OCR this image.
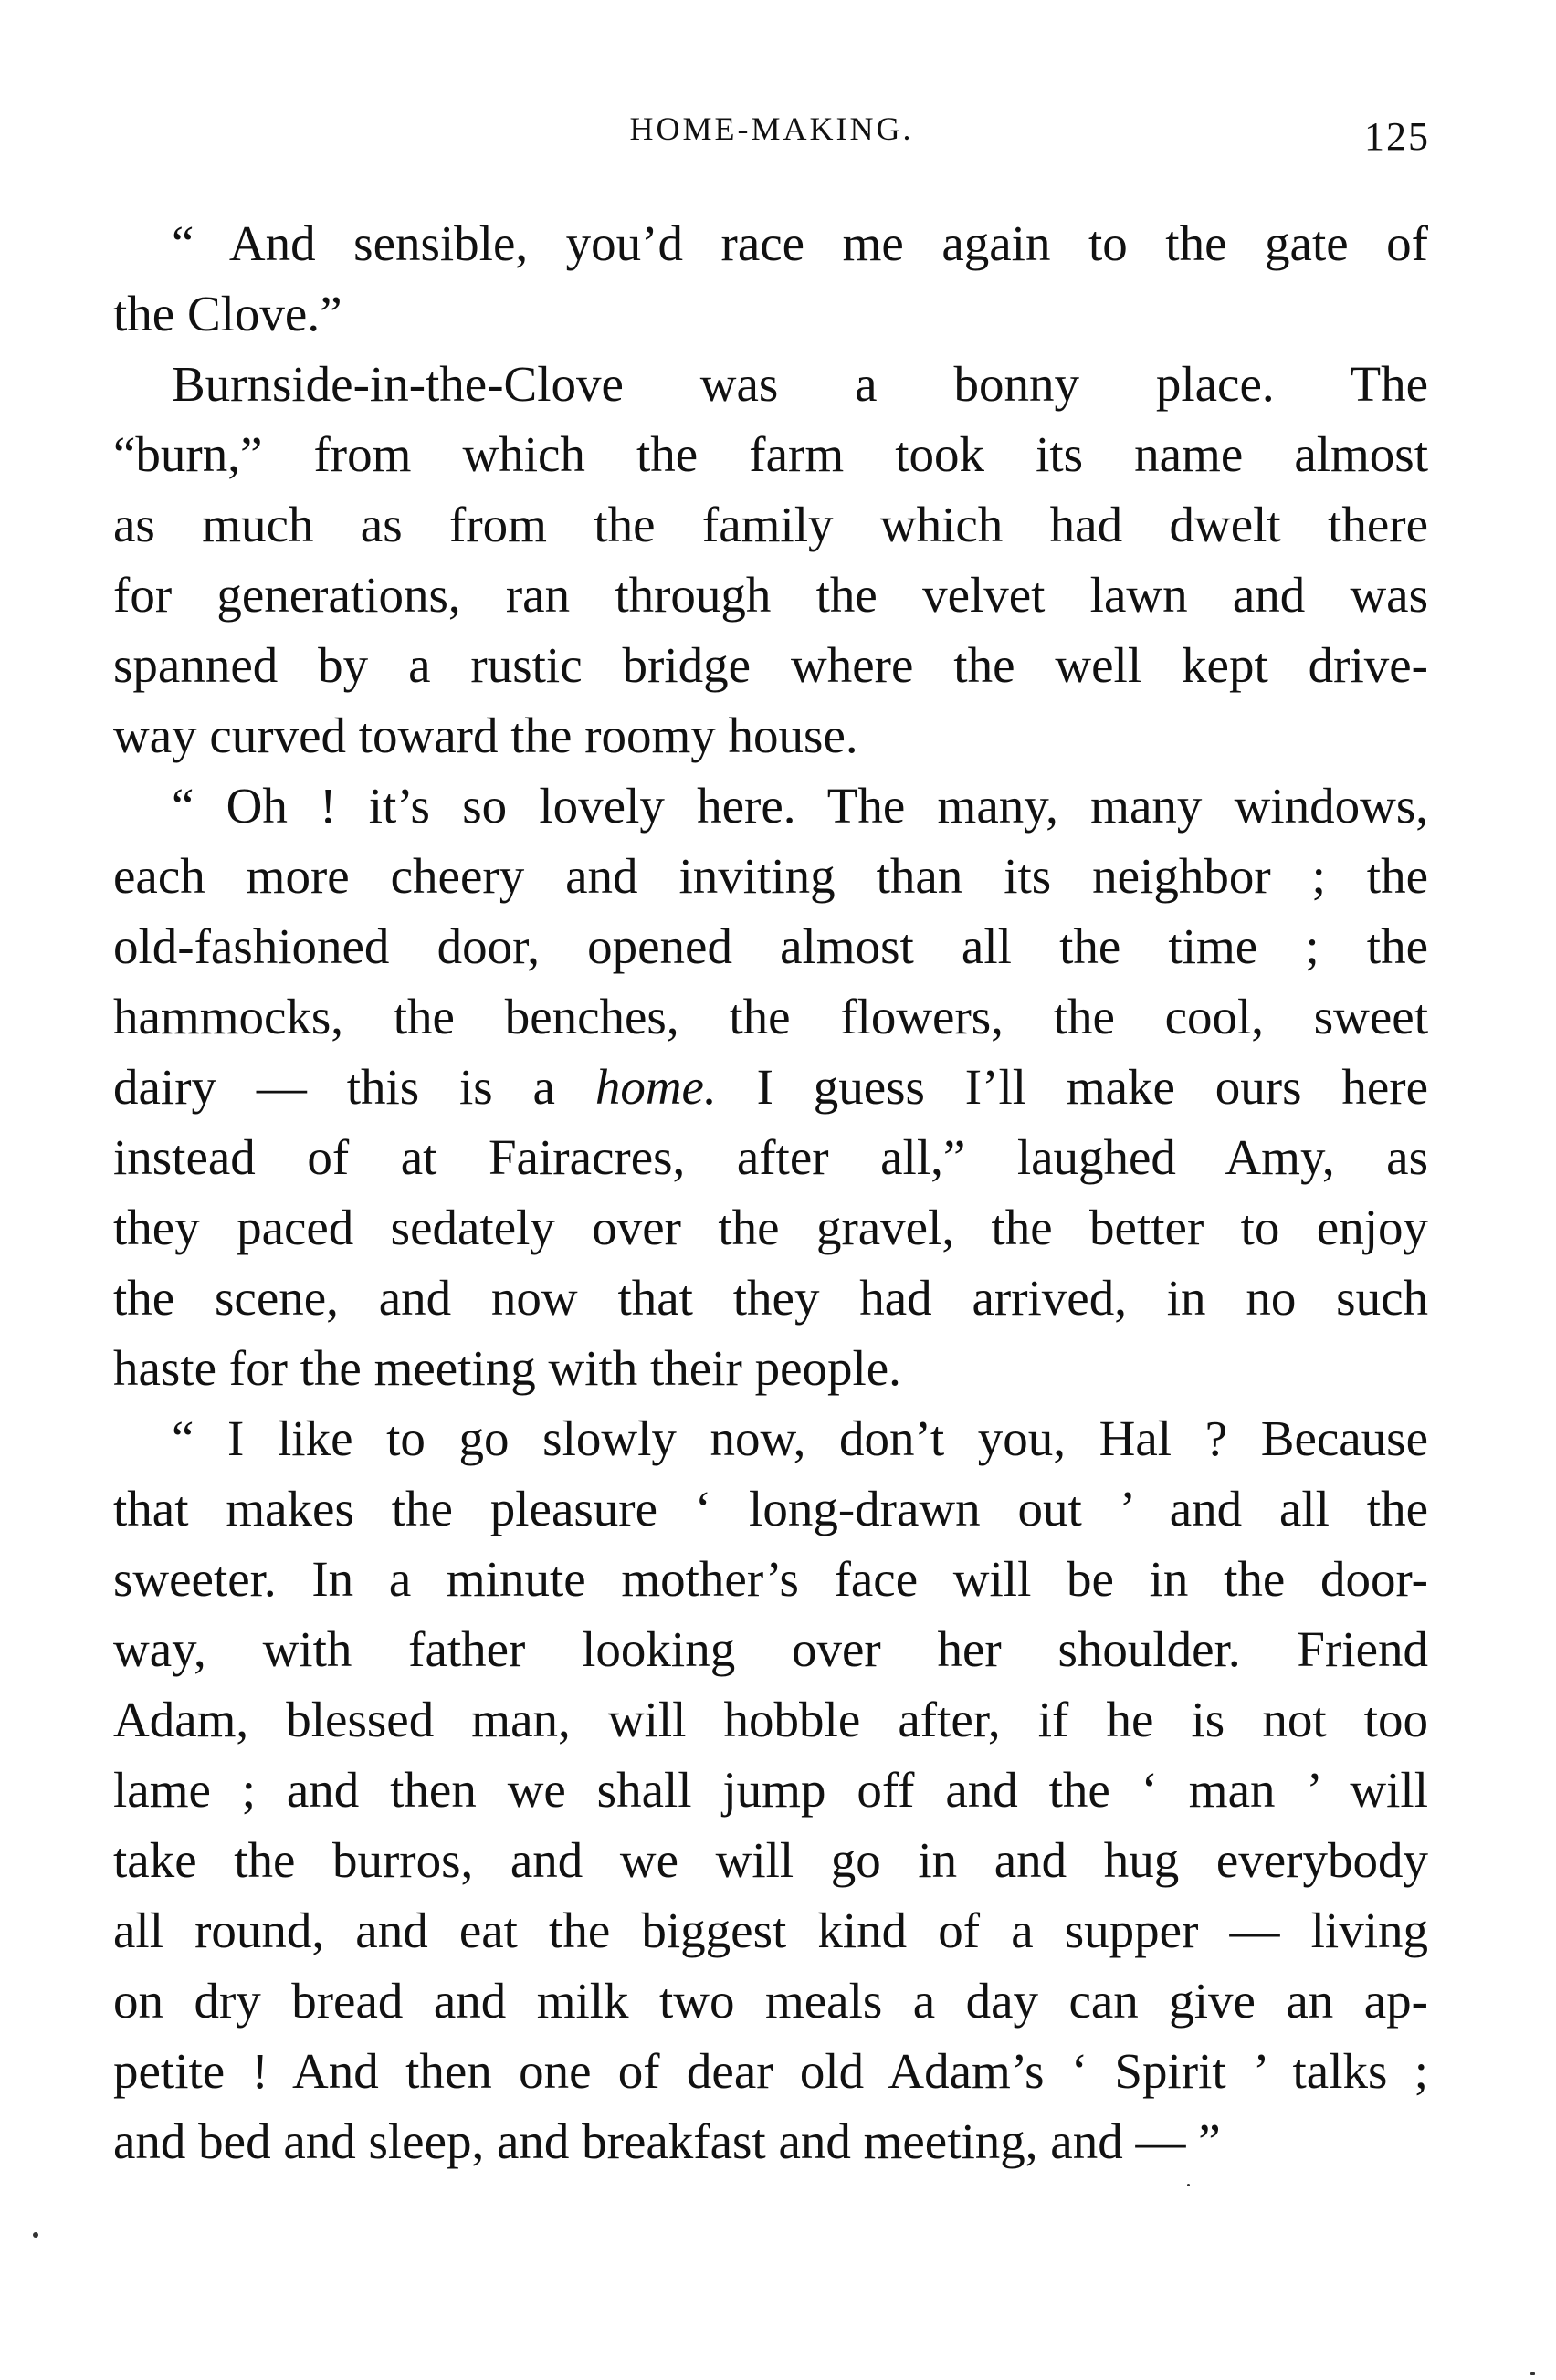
HOME-MAKING.	125
“ And sensible, you’d race me again to the gate of
the Clove.”
Burnside-in-the-Clove was a bonny place. The
“burn,” from which the farm took its name almost
as much as from the family which had dwelt there
for generations, ran through the velvet lawn and was
spanned by a rustic bridge where the well kept drive-
way curved toward the roomy house.
“ Oh ! it’s so lovely here. The many, many windows,
each more cheery and inviting than its neighbor ; the
old-fashioned door, opened almost all the time ; the
hammocks, the benches, the flowers, the cool, sweet
dairy — this is a home. I guess I’ll make ours here
instead of at Fairacres, after all,” laughed Amy, as
they paced sedately over the gravel, the better to enjoy
the scene, and now that they had arrived, in no such
haste for the meeting with their people.
“ I like to go slowly now, don’t you, Hal ? Because
that makes the pleasure ‘ long-drawn out ’ and all the
sweeter. In a minute mother’s face will be in the door-
way, with father looking over her shoulder. Friend
Adam, blessed man, will hobble after, if he is not too
lame ; and then we shall jump off and the ‘ man ’ will
take the burros, and we will go in and hug everybody
all round, and eat the biggest kind of a supper — living
on dry bread and milk two meals a day can give an ap-
petite ! And then one of dear old Adam’s ‘ Spirit ’ talks ;
and bed and sleep, and breakfast and meeting, and — ”
